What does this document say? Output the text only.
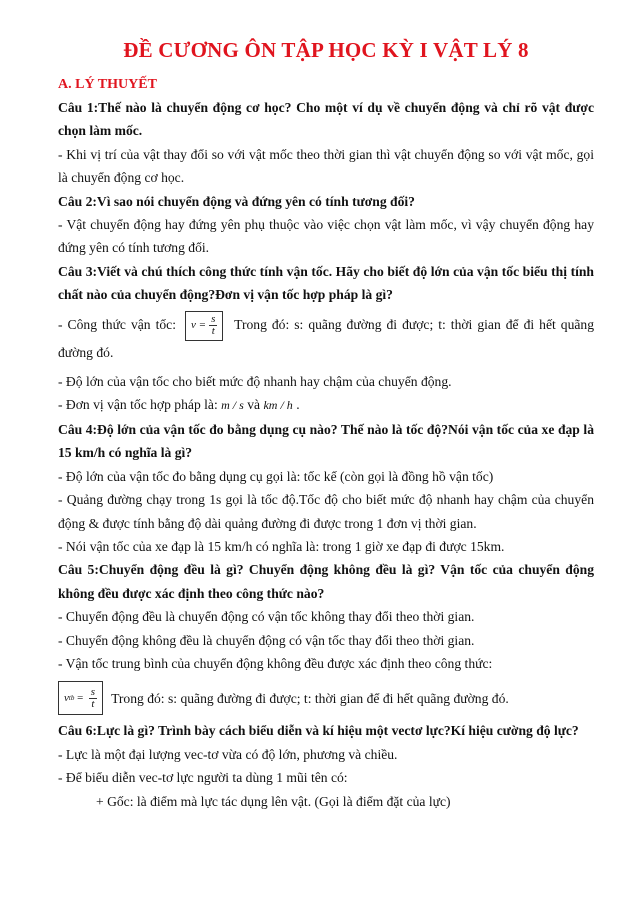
ĐỀ CƯƠNG ÔN TẬP HỌC KỲ I VẬT LÝ 8
A. LÝ THUYẾT

Câu 1:Thế nào là chuyển động cơ học? Cho một ví dụ về chuyển động và chỉ rõ vật được chọn làm mốc.

- Khi vị trí của vật thay đổi so với vật mốc theo thời gian thì vật chuyển động so với vật mốc, gọi là chuyển động cơ học.

Câu 2:Vì sao nói chuyển động và đứng yên có tính tương đối?

- Vật chuyển động hay đứng yên phụ thuộc vào việc chọn vật làm mốc, vì vậy chuyển động hay đứng yên có tính tương đối.

Câu 3:Viết và chú thích công thức tính vận tốc. Hãy cho biết độ lớn của vận tốc biểu thị tính chất nào của chuyển động?Đơn vị vận tốc hợp pháp là gì?

- Công thức vận tốc: $v = \frac{s}{t}$ Trong đó: s: quãng đường đi được; t: thời gian để đi hết quãng đường đó.

- Độ lớn của vận tốc cho biết mức độ nhanh hay chậm của chuyển động.

- Đơn vị vận tốc hợp pháp là: m / s và km / h .

Câu 4:Độ lớn của vận tốc đo bằng dụng cụ nào? Thế nào là tốc độ?Nói vận tốc của xe đạp là 15 km/h có nghĩa là gì?

- Độ lớn của vận tốc đo bằng dụng cụ gọi là: tốc kế (còn gọi là đồng hồ vận tốc)

- Quảng đường chạy trong 1s gọi là tốc độ.Tốc độ cho biết mức độ nhanh hay chậm của chuyển động & được tính bằng độ dài quảng đường đi được trong 1 đơn vị thời gian.

- Nói vận tốc của xe đạp là 15 km/h có nghĩa là: trong 1 giờ xe đạp đi được 15km.

Câu 5:Chuyển động đều là gì? Chuyển động không đều là gì? Vận tốc của chuyển động không đều được xác định theo công thức nào?

- Chuyển động đều là chuyển động có vận tốc không thay đổi theo thời gian.

- Chuyển động không đều là chuyển động có vận tốc thay đổi theo thời gian.

- Vận tốc trung bình của chuyển động không đều được xác định theo công thức:

v tb = $\frac{s}{t}$ Trong đó: s: quãng đường đi được; t: thời gian để đi hết quãng đường đó.

Câu 6:Lực là gì? Trình bày cách biểu diễn và kí hiệu một vectơ lực?Kí hiệu cường độ lực?

- Lực là một đại lượng vec-tơ vừa có độ lớn, phương và chiều.

- Để biểu diễn vec-tơ lực người ta dùng 1 mũi tên có:

+ Gốc: là điểm mà lực tác dụng lên vật. (Gọi là điểm đặt của lực)
